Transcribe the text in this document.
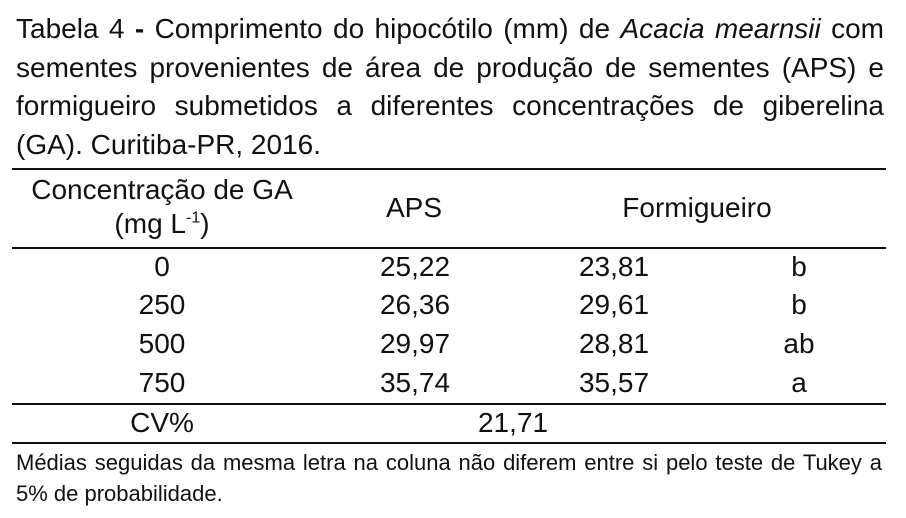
Tabela 4 - Comprimento do hipocótilo (mm) de Acacia mearnsii com sementes provenientes de área de produção de sementes (APS) e formigueiro submetidos a diferentes concentrações de giberelina (GA). Curitiba-PR, 2016.
Concentração de GA
(mg $L^{-1}$)
APS	Formigueiro
0	25,22	23,81	b
250	26,36	29,61	b
500	29,97	28,81	ab
750	35,74	35,57	a
CV%	21,71
Médias seguidas da mesma letra na coluna não diferem entre si pelo teste de Tukey a 5% de probabilidade.
